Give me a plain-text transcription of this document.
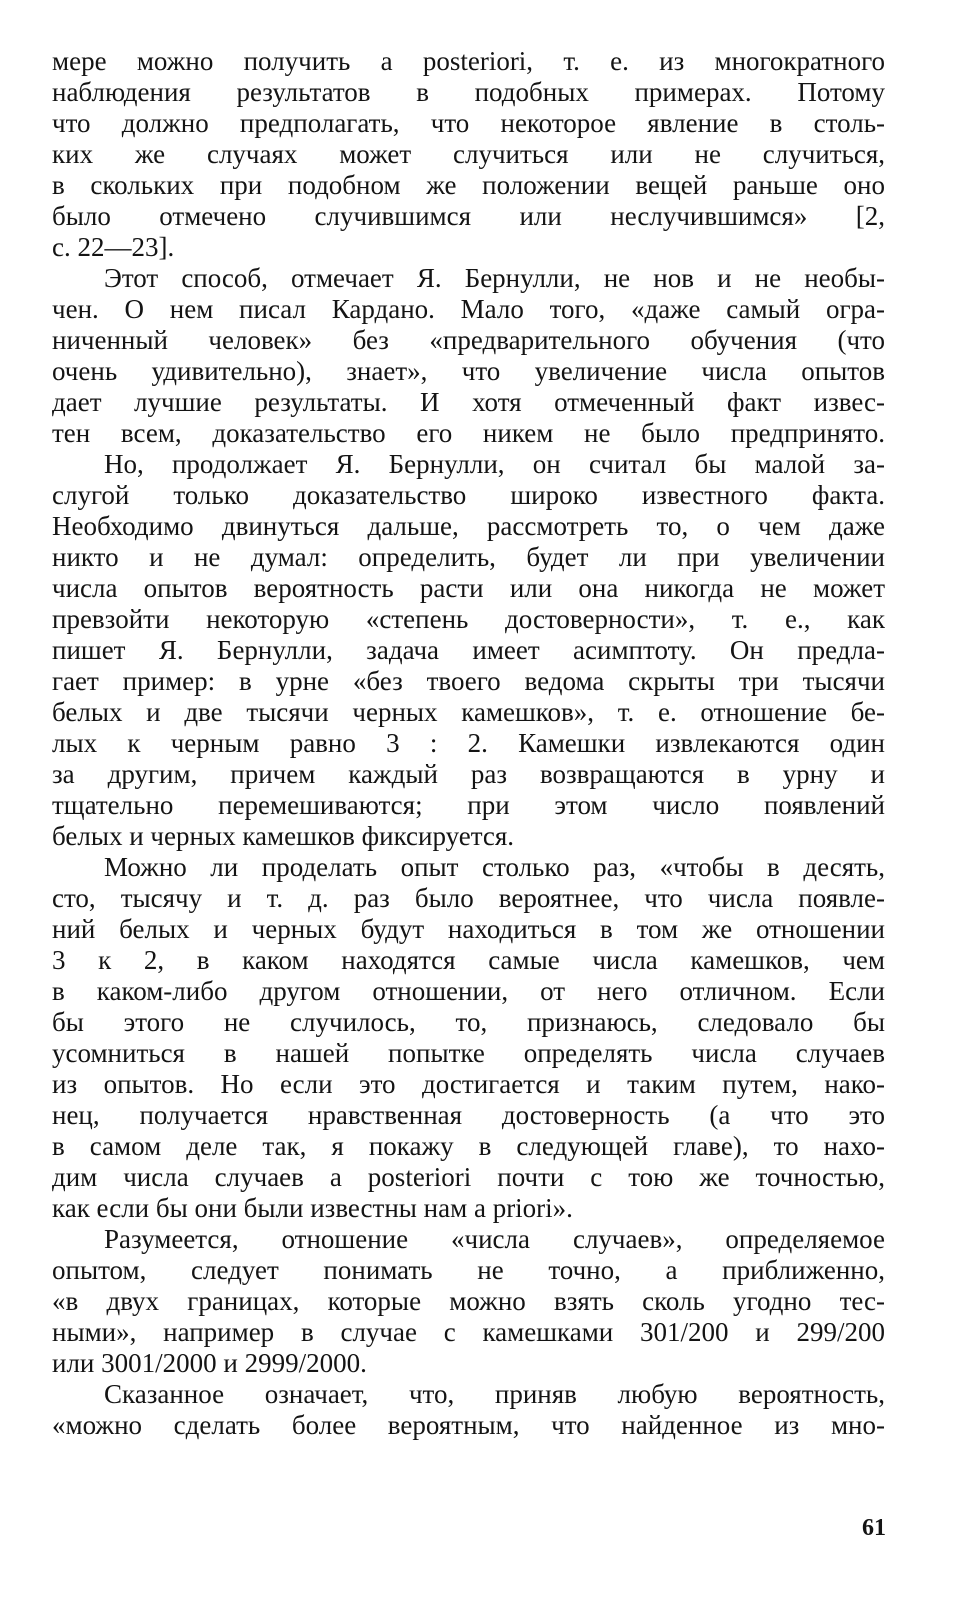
мере можно получить a posteriori, т. е. из многократного
наблюдения результатов в подобных примерах. Потому
что должно предполагать, что некоторое явление в столь-
ких же случаях может случиться или не случиться,
в скольких при подобном же положении вещей раньше оно
было отмечено случившимся или неслучившимся» [2,
с. 22—23].
Этот способ, отмечает Я. Бернулли, не нов и не необы-
чен. О нем писал Кардано. Мало того, «даже самый огра-
ниченный человек» без «предварительного обучения (что
очень удивительно), знает», что увеличение числа опытов
дает лучшие результаты. И хотя отмеченный факт извес-
тен всем, доказательство его никем не было предпринято.
Но, продолжает Я. Бернулли, он считал бы малой за-
слугой только доказательство широко известного факта.
Необходимо двинуться дальше, рассмотреть то, о чем даже
никто и не думал: определить, будет ли при увеличении
числа опытов вероятность расти или она никогда не может
превзойти некоторую «степень достоверности», т. е., как
пишет Я. Бернулли, задача имеет асимптоту. Он предла-
гает пример: в урне «без твоего ведома скрыты три тысячи
белых и две тысячи черных камешков», т. е. отношение бе-
лых к черным равно 3 : 2. Камешки извлекаются один
за другим, причем каждый раз возвращаются в урну и
тщательно перемешиваются; при этом число появлений
белых и черных камешков фиксируется.
Можно ли проделать опыт столько раз, «чтобы в десять,
сто, тысячу и т. д. раз было вероятнее, что числа появле-
ний белых и черных будут находиться в том же отношении
3 к 2, в каком находятся самые числа камешков, чем
в каком-либо другом отношении, от него отличном. Если
бы этого не случилось, то, признаюсь, следовало бы
усомниться в нашей попытке определять числа случаев
из опытов. Но если это достигается и таким путем, нако-
нец, получается нравственная достоверность (а что это
в самом деле так, я покажу в следующей главе), то нахо-
дим числа случаев a posteriori почти с тою же точностью,
как если бы они были известны нам a priori».
Разумеется, отношение «числа случаев», определяемое
опытом, следует понимать не точно, а приближенно,
«в двух границах, которые можно взять сколь угодно тес-
ными», например в случае с камешками 301/200 и 299/200
или 3001/2000 и 2999/2000.
Сказанное означает, что, приняв любую вероятность,
«можно сделать более вероятным, что найденное из мно-
61
